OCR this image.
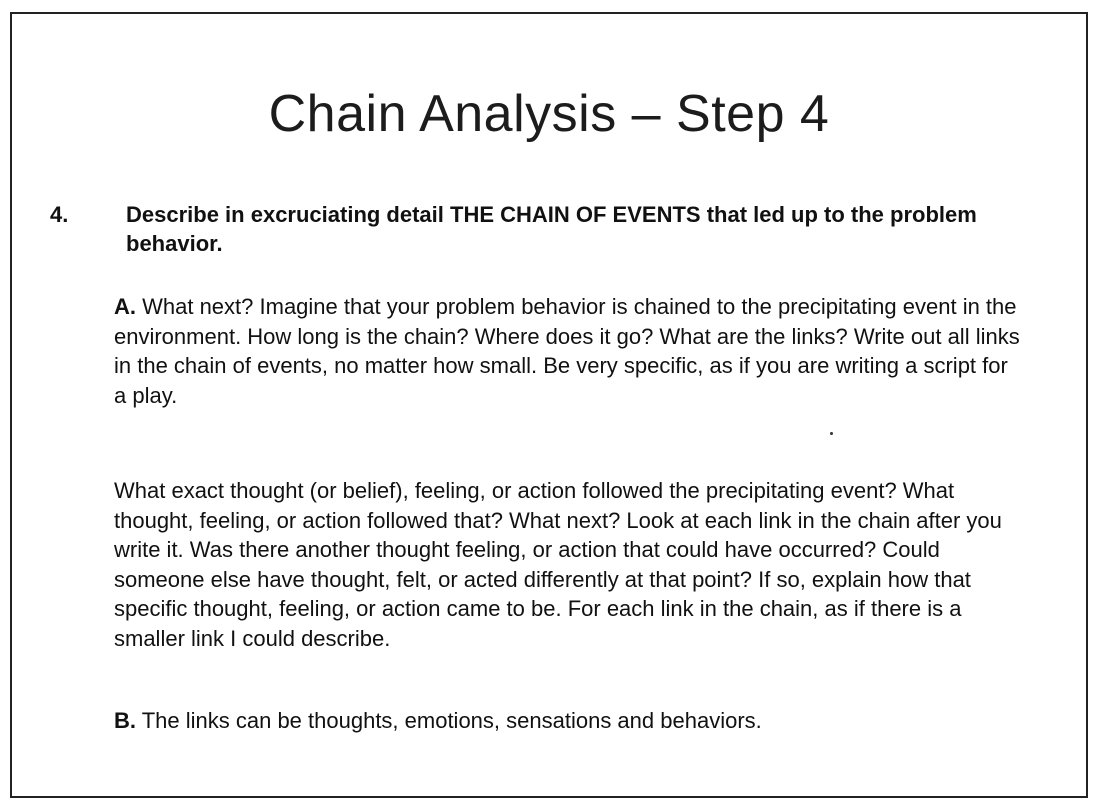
Chain Analysis – Step 4

4.	Describe in excruciating detail THE CHAIN OF EVENTS that led up to the problem behavior.

A. What next? Imagine that your problem behavior is chained to the precipitating event in the environment. How long is the chain? Where does it go? What are the links? Write out all links in the chain of events, no matter how small. Be very specific, as if you are writing a script for a play.

What exact thought (or belief), feeling, or action followed the precipitating event? What thought, feeling, or action followed that? What next? Look at each link in the chain after you write it. Was there another thought feeling, or action that could have occurred? Could someone else have thought, felt, or acted differently at that point? If so, explain how that specific thought, feeling, or action came to be. For each link in the chain, as if there is a smaller link I could describe.

B. The links can be thoughts, emotions, sensations and behaviors.
